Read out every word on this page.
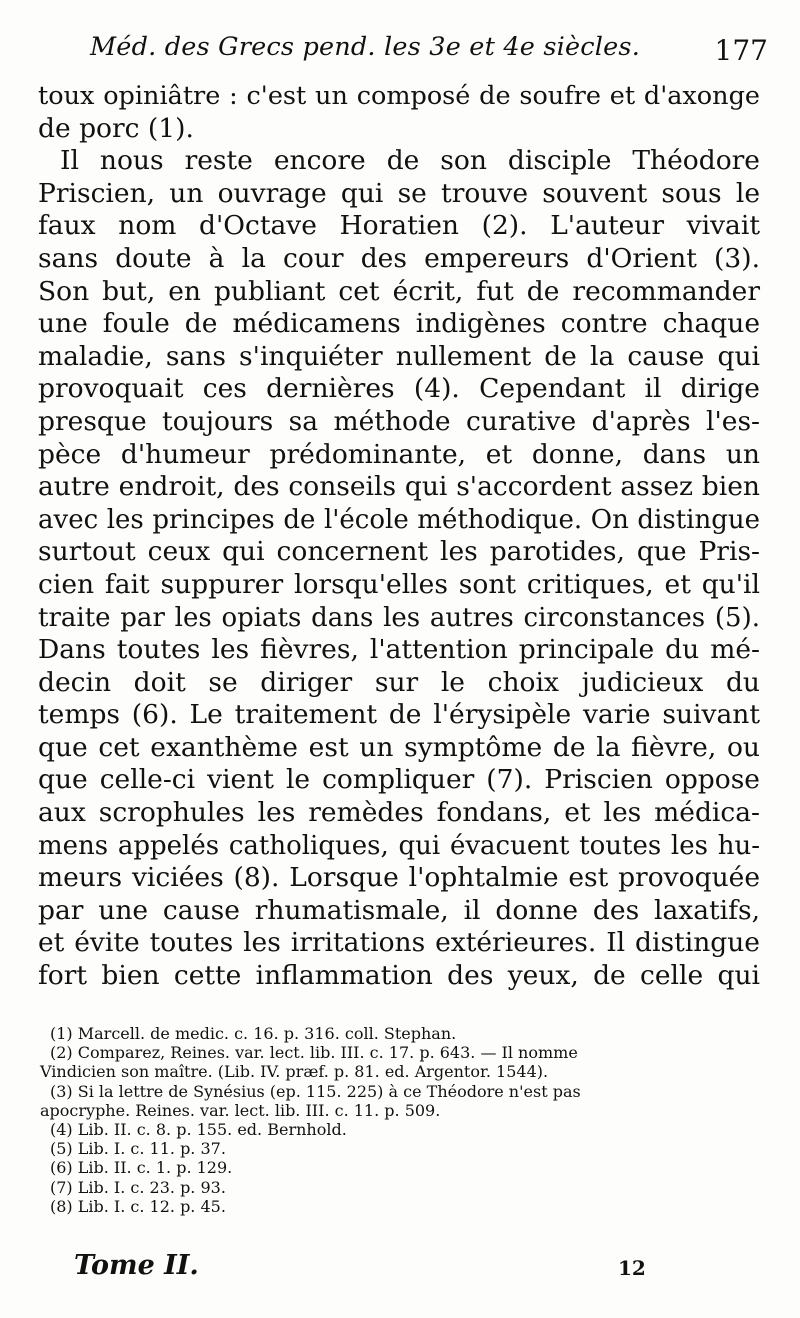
Méd. des Grecs pend. les 3e et 4e siècles.	177
toux opiniâtre : c'est un composé de soufre et d'axonge
de porc (1).
Il nous reste encore de son disciple Théodore
Priscien, un ouvrage qui se trouve souvent sous le
faux nom d'Octave Horatien (2). L'auteur vivait
sans doute à la cour des empereurs d'Orient (3).
Son but, en publiant cet écrit, fut de recommander
une foule de médicamens indigènes contre chaque
maladie, sans s'inquiéter nullement de la cause qui
provoquait ces dernières (4). Cependant il dirige
presque toujours sa méthode curative d'après l'es-
pèce d'humeur prédominante, et donne, dans un
autre endroit, des conseils qui s'accordent assez bien
avec les principes de l'école méthodique. On distingue
surtout ceux qui concernent les parotides, que Pris-
cien fait suppurer lorsqu'elles sont critiques, et qu'il
traite par les opiats dans les autres circonstances (5).
Dans toutes les fièvres, l'attention principale du mé-
decin doit se diriger sur le choix judicieux du
temps (6). Le traitement de l'érysipèle varie suivant
que cet exanthème est un symptôme de la fièvre, ou
que celle-ci vient le compliquer (7). Priscien oppose
aux scrophules les remèdes fondans, et les médica-
mens appelés catholiques, qui évacuent toutes les hu-
meurs viciées (8). Lorsque l'ophtalmie est provoquée
par une cause rhumatismale, il donne des laxatifs,
et évite toutes les irritations extérieures. Il distingue
fort bien cette inflammation des yeux, de celle qui
(1) Marcell. de medic. c. 16. p. 316. coll. Stephan.
(2) Comparez, Reines. var. lect. lib. III. c. 17. p. 643. — Il nomme
Vindicien son maître. (Lib. IV. præf. p. 81. ed. Argentor. 1544).
(3) Si la lettre de Synésius (ep. 115. 225) à ce Théodore n'est pas
apocryphe. Reines. var. lect. lib. III. c. 11. p. 509.
(4) Lib. II. c. 8. p. 155. ed. Bernhold.
(5) Lib. I. c. 11. p. 37.
(6) Lib. II. c. 1. p. 129.
(7) Lib. I. c. 23. p. 93.
(8) Lib. I. c. 12. p. 45.
Tome II.	12
